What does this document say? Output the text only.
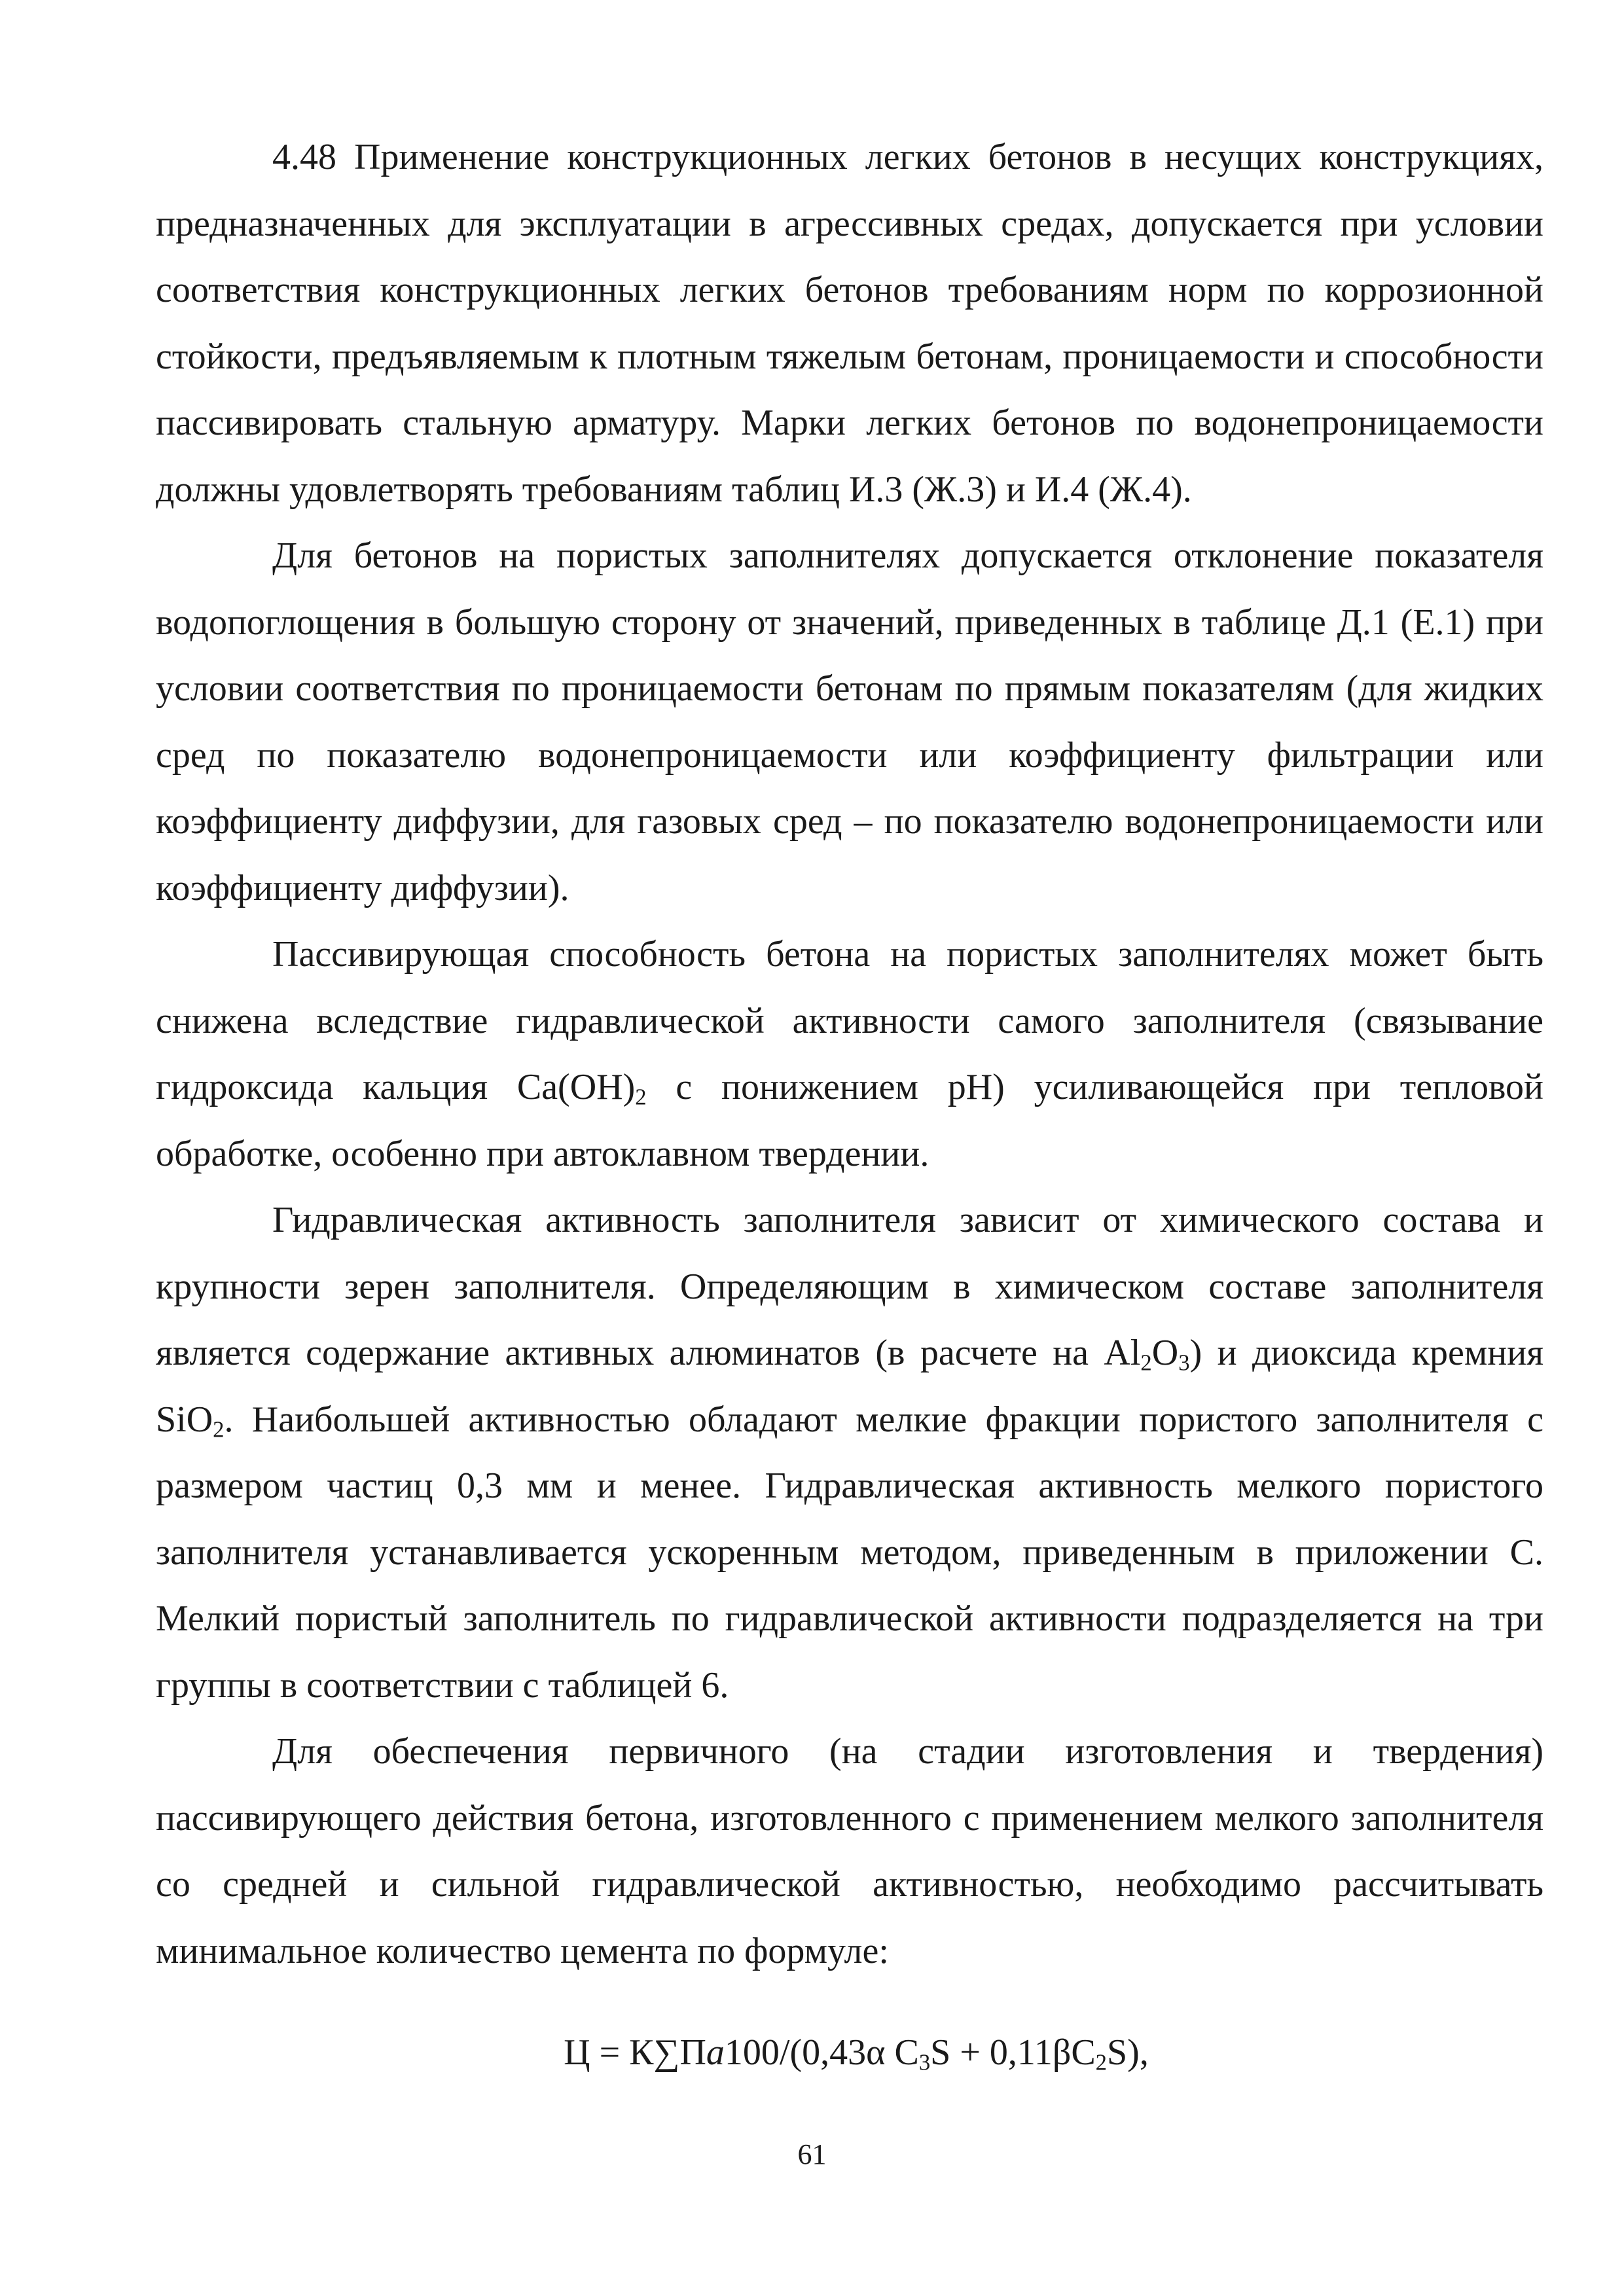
4.48 Применение конструкционных легких бетонов в несущих конструкциях, предназначенных для эксплуатации в агрессивных средах, допускается при условии соответствия конструкционных легких бетонов требованиям норм по коррозионной стойкости, предъявляемым к плотным тяжелым бетонам, проницаемости и способности пассивировать стальную арматуру. Марки легких бетонов по водонепроницаемости должны удовлетворять требованиям таблиц И.3 (Ж.3) и И.4 (Ж.4).

Для бетонов на пористых заполнителях допускается отклонение показателя водопоглощения в большую сторону от значений, приведенных в таблице Д.1 (Е.1) при условии соответствия по проницаемости бетонам по прямым показателям (для жидких сред по показателю водонепроницаемости или коэффициенту фильтрации или коэффициенту диффузии, для газовых сред – по показателю водонепроницаемости или коэффициенту диффузии).

Пассивирующая способность бетона на пористых заполнителях может быть снижена вследствие гидравлической активности самого заполнителя (связывание гидроксида кальция $Ca(OH)_2$ с понижением pH) усиливающейся при тепловой обработке, особенно при автоклавном твердении.

Гидравлическая активность заполнителя зависит от химического состава и крупности зерен заполнителя. Определяющим в химическом составе заполнителя является содержание активных алюминатов (в расчете на $Al_2O_3$) и диоксида кремния SiO$_2$. Наибольшей активностью обладают мелкие фракции пористого заполнителя с размером частиц 0,3 мм и менее. Гидравлическая активность мелкого пористого заполнителя устанавливается ускоренным методом, приведенным в приложении С. Мелкий пористый заполнитель по гидравлической активности подразделяется на три группы в соответствии с таблицей 6.

Для обеспечения первичного (на стадии изготовления и твердения) пассивирующего действия бетона, изготовленного с применением мелкого заполнителя со средней и сильной гидравлической активностью, необходимо рассчитывать минимальное количество цемента по формуле:

Ц = К∑Пa100/(0,43α $C_3S + 0,11\beta C_2S$),

61
